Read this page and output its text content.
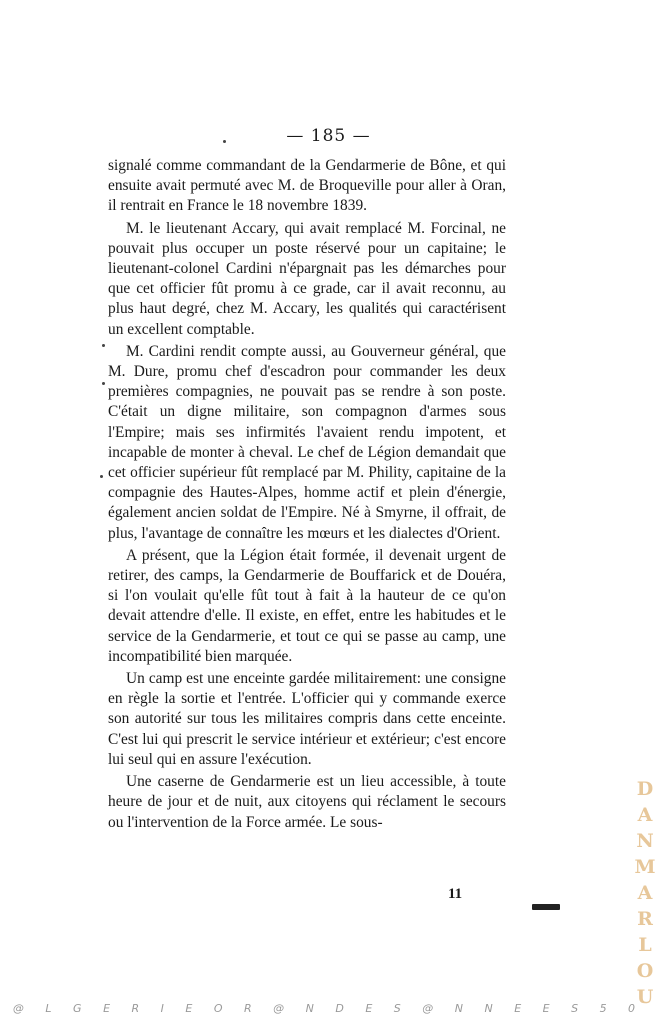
— 185 —

signalé comme commandant de la Gendarmerie de Bône, et qui ensuite avait permuté avec M. de Broqueville pour aller à Oran, il rentrait en France le 18 novembre 1839.

M. le lieutenant Accary, qui avait remplacé M. Forcinal, ne pouvait plus occuper un poste réservé pour un capitaine; le lieutenant-colonel Cardini n'épargnait pas les démarches pour que cet officier fût promu à ce grade, car il avait reconnu, au plus haut degré, chez M. Accary, les qualités qui caractérisent un excellent comptable.

M. Cardini rendit compte aussi, au Gouverneur général, que M. Dure, promu chef d'escadron pour commander les deux premières compagnies, ne pouvait pas se rendre à son poste. C'était un digne militaire, son compagnon d'armes sous l'Empire; mais ses infirmités l'avaient rendu impotent, et incapable de monter à cheval. Le chef de Légion demandait que cet officier supérieur fût remplacé par M. Phility, capitaine de la compagnie des Hautes-Alpes, homme actif et plein d'énergie, également ancien soldat de l'Empire. Né à Smyrne, il offrait, de plus, l'avantage de connaître les mœurs et les dialectes d'Orient.

A présent, que la Légion était formée, il devenait urgent de retirer, des camps, la Gendarmerie de Bouffarick et de Douéra, si l'on voulait qu'elle fût tout à fait à la hauteur de ce qu'on devait attendre d'elle. Il existe, en effet, entre les habitudes et le service de la Gendarmerie, et tout ce qui se passe au camp, une incompatibilité bien marquée.

Un camp est une enceinte gardée militairement: une consigne en règle la sortie et l'entrée. L'officier qui y commande exerce son autorité sur tous les militaires compris dans cette enceinte. C'est lui qui prescrit le service intérieur et extérieur; c'est encore lui seul qui en assure l'exécution.

Une caserne de Gendarmerie est un lieu accessible, à toute heure de jour et de nuit, aux citoyens qui réclament le secours ou l'intervention de la Force armée. Le sous-

11
D
A
N
M
A
R
L
O
U
@ L G E R I E O R @ N D E S @ N N E E S 5 0
